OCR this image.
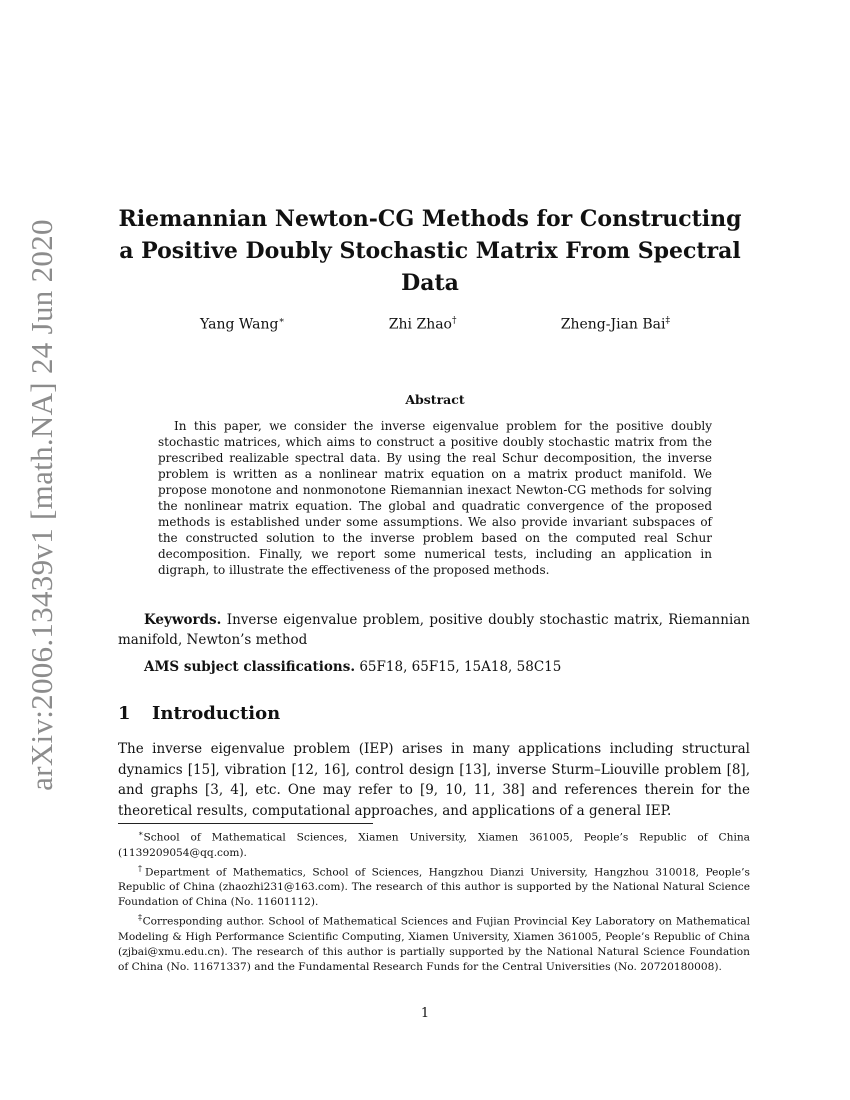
arXiv:2006.13439v1 [math.NA] 24 Jun 2020
Riemannian Newton-CG Methods for Constructing a Positive Doubly Stochastic Matrix From Spectral Data
Yang Wang∗	Zhi Zhao†	Zheng-Jian Bai‡
Abstract
In this paper, we consider the inverse eigenvalue problem for the positive doubly stochastic matrices, which aims to construct a positive doubly stochastic matrix from the prescribed realizable spectral data. By using the real Schur decomposition, the inverse problem is written as a nonlinear matrix equation on a matrix product manifold. We propose monotone and nonmonotone Riemannian inexact Newton-CG methods for solving the nonlinear matrix equation. The global and quadratic convergence of the proposed methods is established under some assumptions. We also provide invariant subspaces of the constructed solution to the inverse problem based on the computed real Schur decomposition. Finally, we report some numerical tests, including an application in digraph, to illustrate the effectiveness of the proposed methods.
Keywords. Inverse eigenvalue problem, positive doubly stochastic matrix, Riemannian manifold, Newton’s method
AMS subject classifications. 65F18, 65F15, 15A18, 58C15
1 Introduction
The inverse eigenvalue problem (IEP) arises in many applications including structural dynamics [15], vibration [12, 16], control design [13], inverse Sturm–Liouville problem [8], and graphs [3, 4], etc. One may refer to [9, 10, 11, 38] and references therein for the theoretical results, computational approaches, and applications of a general IEP.

∗School of Mathematical Sciences, Xiamen University, Xiamen 361005, People’s Republic of China (1139209054@qq.com).

†Department of Mathematics, School of Sciences, Hangzhou Dianzi University, Hangzhou 310018, People’s Republic of China (zhaozhi231@163.com). The research of this author is supported by the National Natural Science Foundation of China (No. 11601112).

‡Corresponding author. School of Mathematical Sciences and Fujian Provincial Key Laboratory on Mathematical Modeling & High Performance Scientific Computing, Xiamen University, Xiamen 361005, People’s Republic of China (zjbai@xmu.edu.cn). The research of this author is partially supported by the National Natural Science Foundation of China (No. 11671337) and the Fundamental Research Funds for the Central Universities (No. 20720180008).

1
